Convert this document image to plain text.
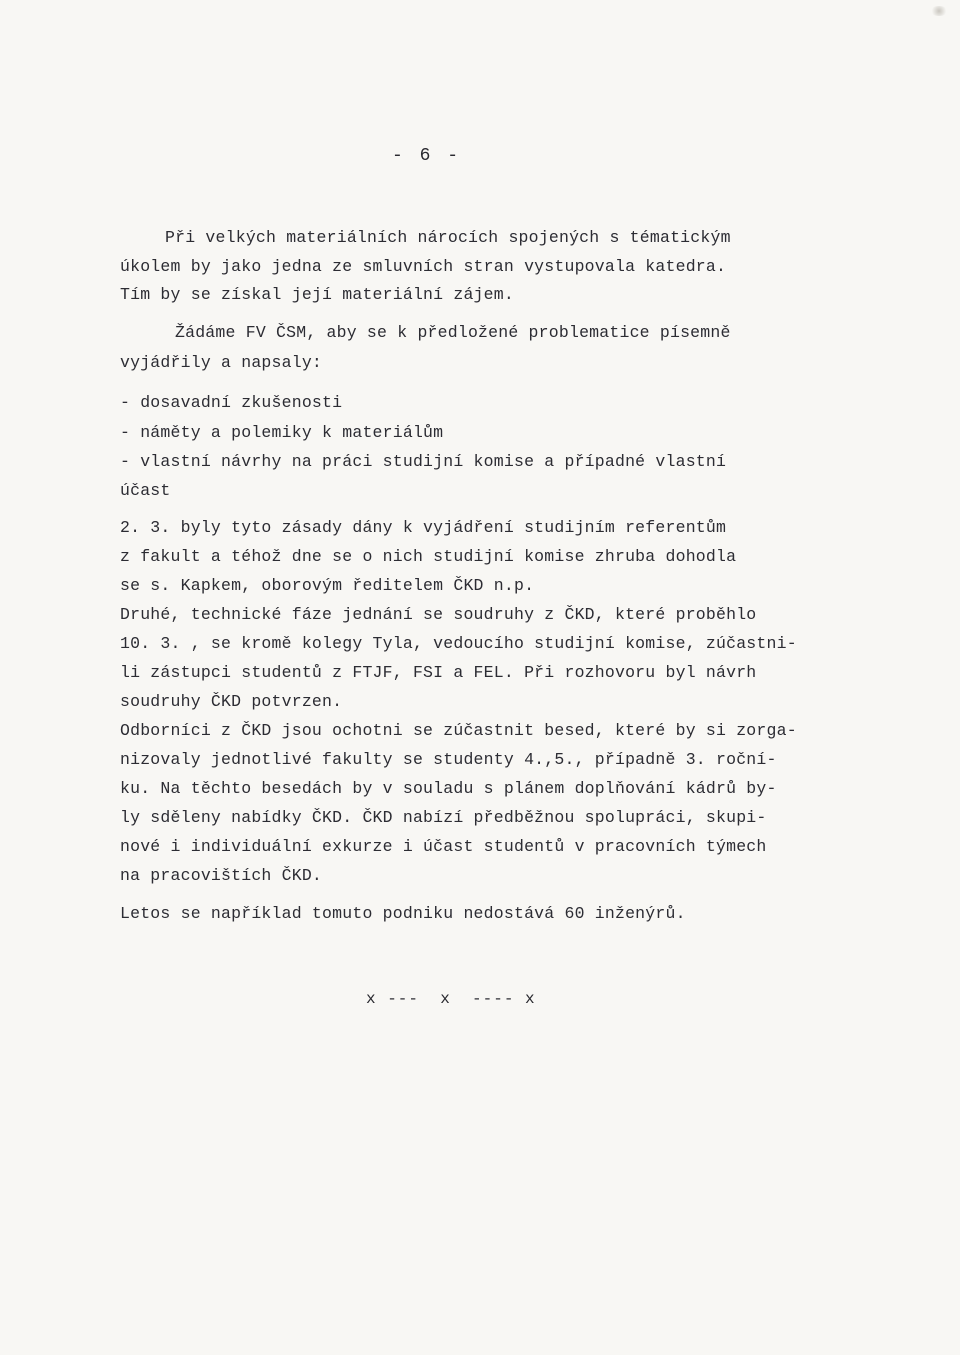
- 6 -
Při velkých materiálních nárocích spojených s tématickým
úkolem by jako jedna ze smluvních stran vystupovala katedra.
Tím by se získal její materiální zájem.
Žádáme FV ČSM, aby se k předložené problematice písemně
vyjádřily a napsaly:
- dosavadní zkušenosti
- náměty a polemiky k materiálům
- vlastní návrhy na práci studijní komise a případné vlastní
účast
2. 3. byly tyto zásady dány k vyjádření studijním referentům
z fakult a téhož dne se o nich studijní komise zhruba dohodla
se s. Kapkem, oborovým ředitelem ČKD n.p.
Druhé, technické fáze jednání se soudruhy z ČKD, které proběhlo
10. 3. , se kromě kolegy Tyla, vedoucího studijní komise, zúčastni-
li zástupci studentů z FTJF, FSI a FEL. Při rozhovoru byl návrh
soudruhy ČKD potvrzen.
Odborníci z ČKD jsou ochotni se zúčastnit besed, které by si zorga-
nizovaly jednotlivé fakulty se studenty 4.,5., případně 3. roční-
ku. Na těchto besedách by v souladu s plánem doplňování kádrů by-
ly sděleny nabídky ČKD. ČKD nabízí předběžnou spolupráci, skupi-
nové i individuální exkurze i účast studentů v pracovních týmech
na pracovištích ČKD.
Letos se například tomuto podniku nedostává 60 inženýrů.
x ---  x  ---- x
